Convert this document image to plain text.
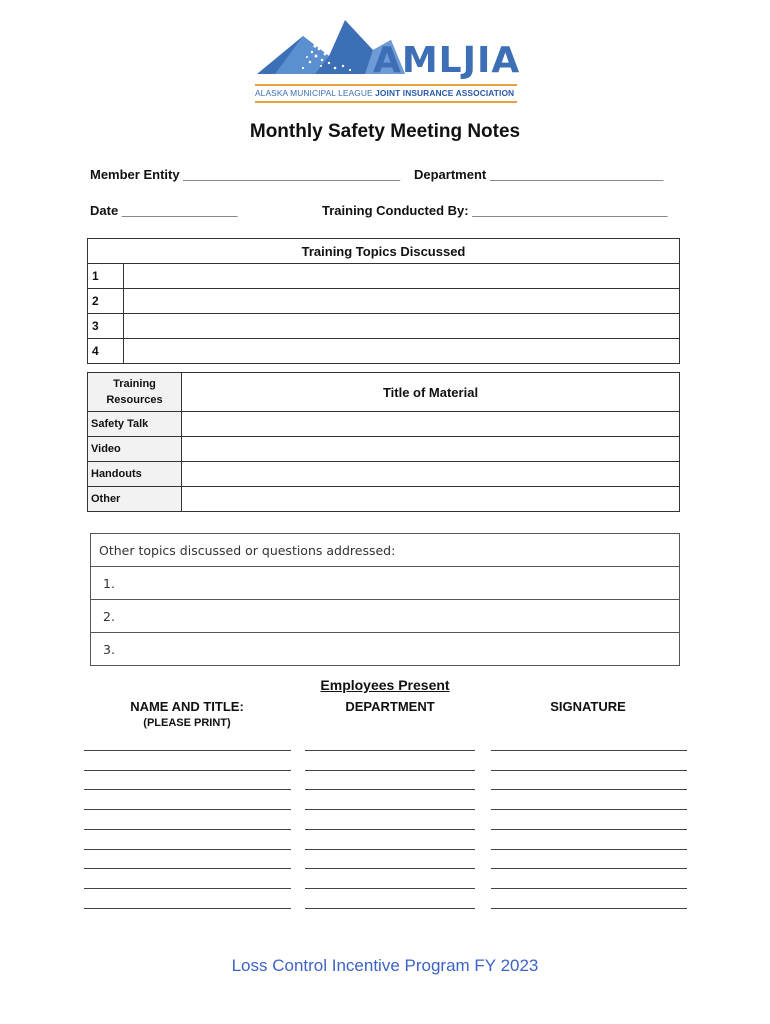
AMLJIA
ALASKA MUNICIPAL LEAGUE JOINT INSURANCE ASSOCIATION
Monthly Safety Meeting Notes
Member Entity ______________________________ Department ________________________
Date ________________	Training Conducted By: ___________________________
Training Topics Discussed	
1	
2	
3	
4	
Training Resources	Title of Material
Safety Talk	
Video	
Handouts	
Other	
Other topics discussed or questions addressed:
1.
2.
3.
Employees Present
NAME AND TITLE:
(PLEASE PRINT)
DEPARTMENT	SIGNATURE
Loss Control Incentive Program FY 2023
